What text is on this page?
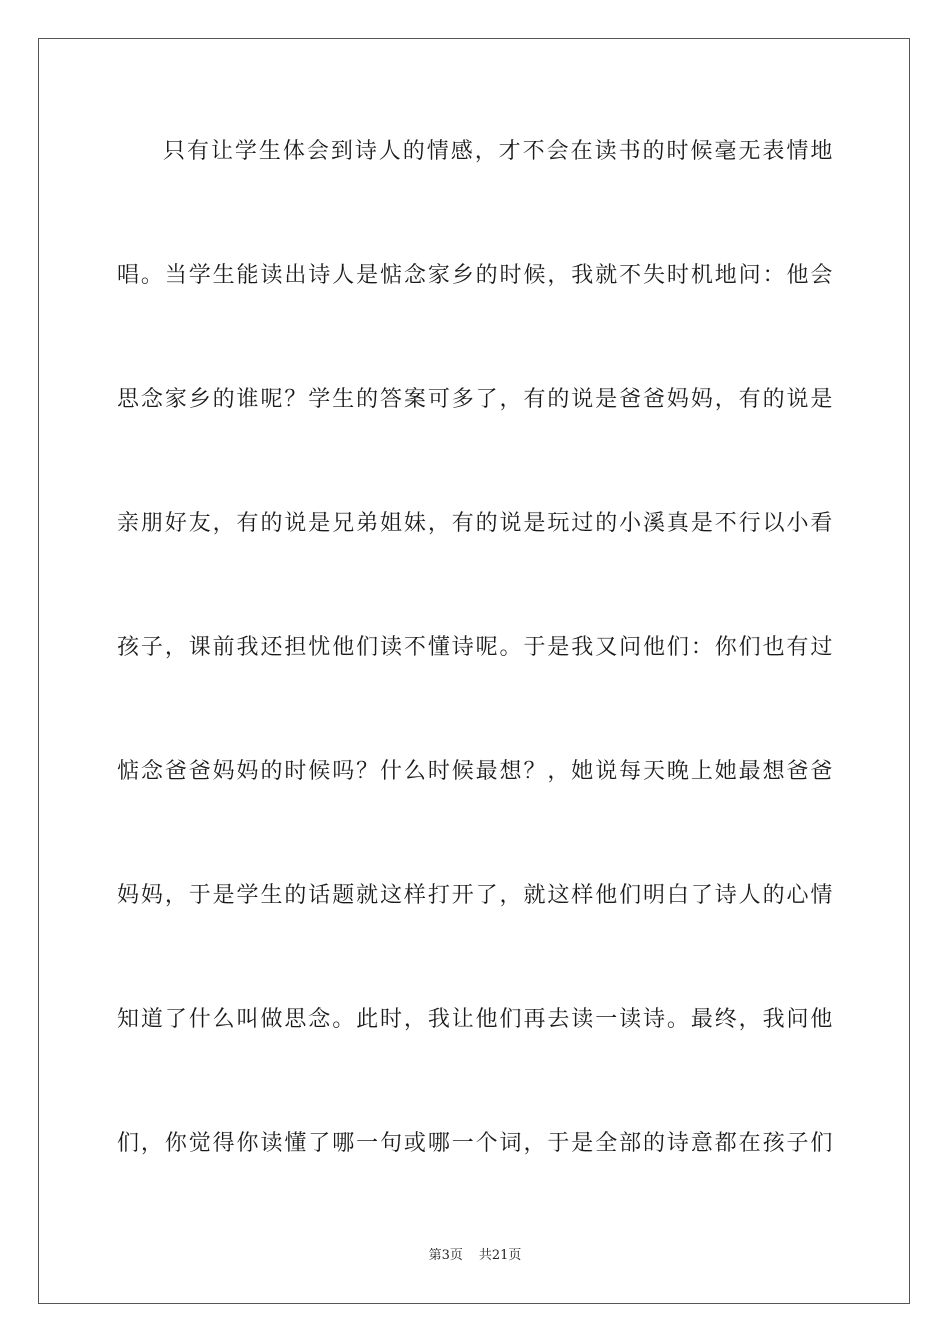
只有让学生体会到诗人的情感，才不会在读书的时候毫无表情地

唱。当学生能读出诗人是惦念家乡的时候，我就不失时机地问：他会

思念家乡的谁呢？学生的答案可多了，有的说是爸爸妈妈，有的说是

亲朋好友，有的说是兄弟姐妹，有的说是玩过的小溪真是不行以小看

孩子，课前我还担忧他们读不懂诗呢。于是我又问他们：你们也有过

惦念爸爸妈妈的时候吗？什么时候最想？，她说每天晚上她最想爸爸

妈妈，于是学生的话题就这样打开了，就这样他们明白了诗人的心情

知道了什么叫做思念。此时，我让他们再去读一读诗。最终，我问他

们，你觉得你读懂了哪一句或哪一个词，于是全部的诗意都在孩子们

第3页 共21页
